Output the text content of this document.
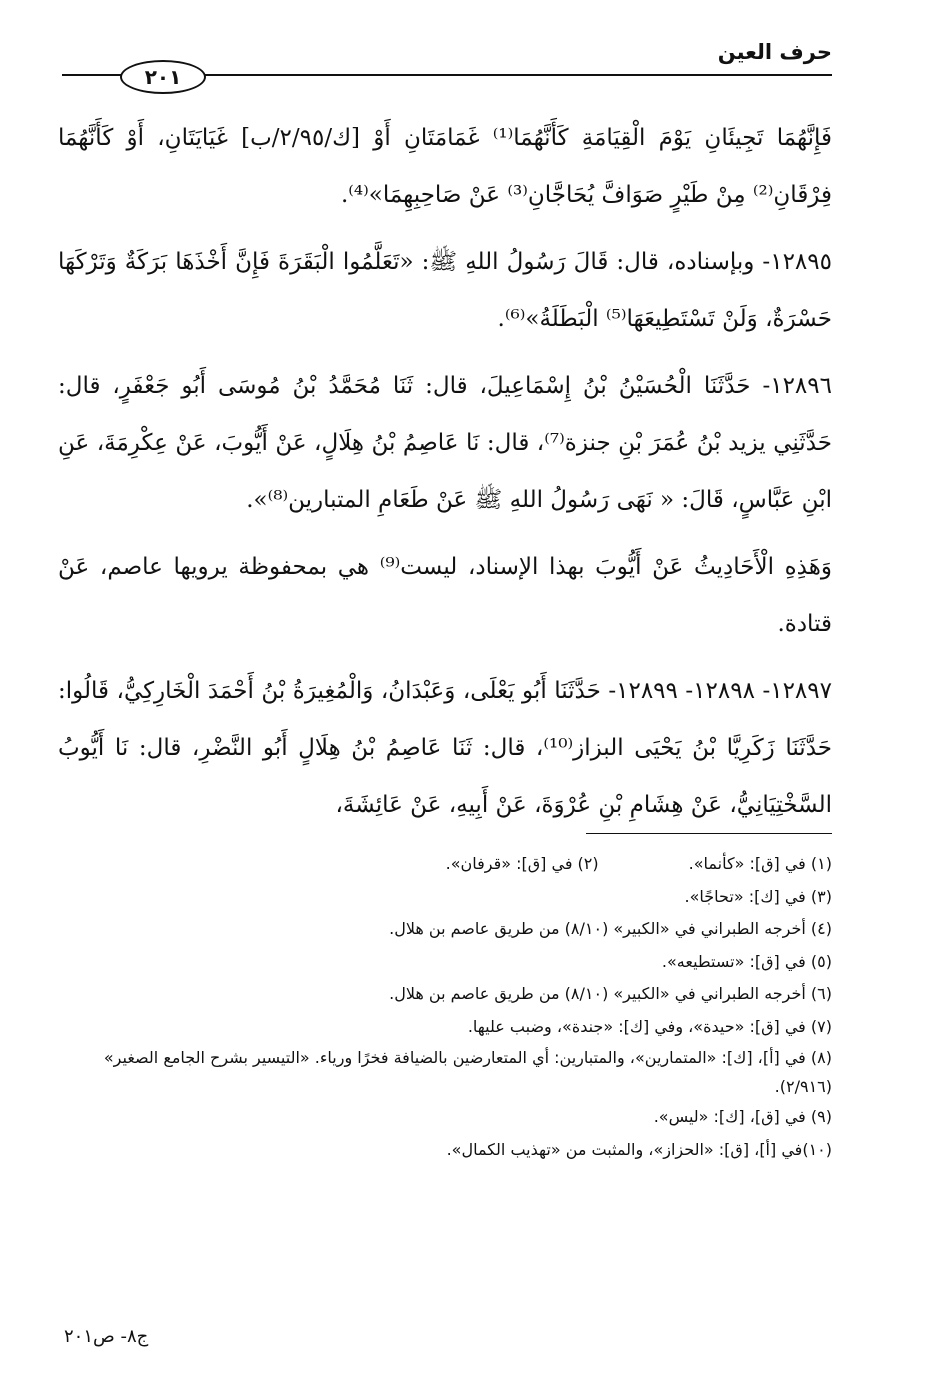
حرف العين
٢٠١

فَإِنَّهُمَا تَجِيئَانِ يَوْمَ الْقِيَامَةِ كَأَنَّهُمَا⁽¹⁾ غَمَامَتَانِ أَوْ [ك/٢/٩٥/ب] غَيَايَتَانِ، أَوْ كَأَنَّهُمَا فِرْقَانِ⁽²⁾ مِنْ طَيْرٍ صَوَافَّ يُحَاجَّانِ⁽³⁾ عَنْ صَاحِبِهِمَا»⁽⁴⁾.

١٢٨٩٥- وبإسناده، قال: قَالَ رَسُولُ اللهِ ﷺ: «تَعَلَّمُوا الْبَقَرَةَ فَإِنَّ أَخْذَهَا بَرَكَةٌ وَتَرْكَهَا حَسْرَةٌ، وَلَنْ تَسْتَطِيعَهَا⁽⁵⁾ الْبَطَلَةُ»⁽⁶⁾.

١٢٨٩٦- حَدَّثَنَا الْحُسَيْنُ بْنُ إِسْمَاعِيلَ، قال: ثَنَا مُحَمَّدُ بْنُ مُوسَى أَبُو جَعْفَرٍ، قال: حَدَّثَنِي يزيد بْنُ عُمَرَ بْنِ جنزة⁽⁷⁾، قال: نَا عَاصِمُ بْنُ هِلَالٍ، عَنْ أَيُّوبَ، عَنْ عِكْرِمَةَ، عَنِ ابْنِ عَبَّاسٍ، قَالَ: « نَهَى رَسُولُ اللهِ ﷺ عَنْ طَعَامِ المتبارين⁽⁸⁾».

وَهَذِهِ الْأَحَادِيثُ عَنْ أَيُّوبَ بهذا الإسناد، ليست⁽⁹⁾ هي بمحفوظة يرويها عاصم، عَنْ قتادة.

١٢٨٩٧- ١٢٨٩٨- ١٢٨٩٩- حَدَّثَنَا أَبُو يَعْلَى، وَعَبْدَانُ، وَالْمُغِيرَةُ بْنُ أَحْمَدَ الْخَارِكِيُّ، قَالُوا: حَدَّثَنَا زَكَرِيَّا بْنُ يَحْيَى البزاز⁽¹⁰⁾، قال: ثَنَا عَاصِمُ بْنُ هِلَالٍ أَبُو النَّضْرِ، قال: نَا أَيُّوبُ السَّخْتِيَانِيُّ، عَنْ هِشَامِ بْنِ عُرْوَةَ، عَنْ أَبِيهِ، عَنْ عَائِشَةَ،

(١) في [ق]: «كأنما».
(٢) في [ق]: «قرفان».
(٣) في [ك]: «تحاجًا».
(٤) أخرجه الطبراني في «الكبير» (٨/١٠) من طريق عاصم بن هلال.
(٥) في [ق]: «تستطيعه».
(٦) أخرجه الطبراني في «الكبير» (٨/١٠) من طريق عاصم بن هلال.
(٧) في [ق]: «حيدة»، وفي [ك]: «جندة»، وضبب عليها.
(٨) في [أ]، [ك]: «المتمارين»، والمتبارين: أي المتعارضين بالضيافة فخرًا ورياء. «التيسير بشرح الجامع الصغير» (٢/٩١٦).
(٩) في [ق]، [ك]: «ليس».
(١٠)في [أ]، [ق]: «الحزاز»، والمثبت من «تهذيب الكمال».
ج٨- ص٢٠١
